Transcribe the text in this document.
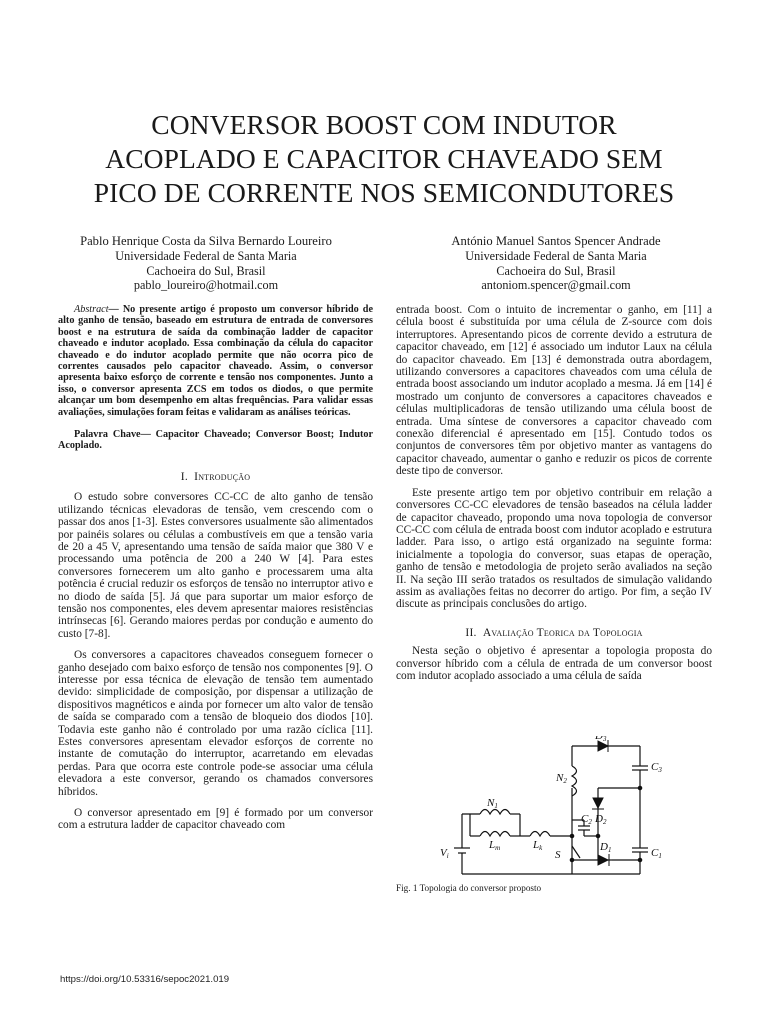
CONVERSOR BOOST COM INDUTOR
ACOPLADO E CAPACITOR CHAVEADO SEM
PICO DE CORRENTE NOS SEMICONDUTORES
Pablo Henrique Costa da Silva Bernardo Loureiro
Universidade Federal de Santa Maria
Cachoeira do Sul, Brasil
pablo_loureiro@hotmail.com
António Manuel Santos Spencer Andrade
Universidade Federal de Santa Maria
Cachoeira do Sul, Brasil
antoniom.spencer@gmail.com

Abstract— No presente artigo é proposto um conversor híbrido de alto ganho de tensão, baseado em estrutura de entrada de conversores boost e na estrutura de saída da combinação ladder de capacitor chaveado e indutor acoplado. Essa combinação da célula do capacitor chaveado e do indutor acoplado permite que não ocorra pico de correntes causados pelo capacitor chaveado. Assim, o conversor apresenta baixo esforço de corrente e tensão nos componentes. Junto a isso, o conversor apresenta ZCS em todos os diodos, o que permite alcançar um bom desempenho em altas frequências. Para validar essas avaliações, simulações foram feitas e validaram as análises teóricas.

Palavra Chave— Capacitor Chaveado; Conversor Boost; Indutor Acoplado.

I. Introdução

O estudo sobre conversores CC-CC de alto ganho de tensão utilizando técnicas elevadoras de tensão, vem crescendo com o passar dos anos [1-3]. Estes conversores usualmente são alimentados por painéis solares ou células a combustíveis em que a tensão varia de 20 a 45 V, apresentando uma tensão de saída maior que 380 V e processando uma potência de 200 a 240 W [4]. Para estes conversores fornecerem um alto ganho e processarem uma alta potência é crucial reduzir os esforços de tensão no interruptor ativo e no diodo de saída [5]. Já que para suportar um maior esforço de tensão nos componentes, eles devem apresentar maiores resistências intrínsecas [6]. Gerando maiores perdas por condução e aumento do custo [7-8].

Os conversores a capacitores chaveados conseguem fornecer o ganho desejado com baixo esforço de tensão nos componentes [9]. O interesse por essa técnica de elevação de tensão tem aumentado devido: simplicidade de composição, por dispensar a utilização de dispositivos magnéticos e ainda por fornecer um alto valor de tensão de saída se comparado com a tensão de bloqueio dos diodos [10]. Todavia este ganho não é controlado por uma razão cíclica [11]. Estes conversores apresentam elevador esforços de corrente no instante de comutação do interruptor, acarretando em elevadas perdas. Para que ocorra este controle pode-se associar uma célula elevadora a este conversor, gerando os chamados conversores híbridos.

O conversor apresentado em [9] é formado por um conversor com a estrutura ladder de capacitor chaveado com

entrada boost. Com o intuito de incrementar o ganho, em [11] a célula boost é substituída por uma célula de Z-source com dois interruptores. Apresentando picos de corrente devido a estrutura de capacitor chaveado, em [12] é associado um indutor Laux na célula do capacitor chaveado. Em [13] é demonstrada outra abordagem, utilizando conversores a capacitores chaveados com uma célula de entrada boost associando um indutor acoplado a mesma. Já em [14] é mostrado um conjunto de conversores a capacitores chaveados e células multiplicadoras de tensão utilizando uma célula boost de entrada. Uma síntese de conversores a capacitor chaveado com conexão diferencial é apresentado em [15]. Contudo todos os conjuntos de conversores têm por objetivo manter as vantagens do capacitor chaveado, aumentar o ganho e reduzir os picos de corrente deste tipo de conversor.

Este presente artigo tem por objetivo contribuir em relação a conversores CC-CC elevadores de tensão baseados na célula ladder de capacitor chaveado, propondo uma nova topologia de conversor CC-CC com célula de entrada boost com indutor acoplado e estrutura ladder. Para isso, o artigo está organizado na seguinte forma: inicialmente a topologia do conversor, suas etapas de operação, ganho de tensão e metodologia de projeto serão avaliados na seção II. Na seção III serão tratados os resultados de simulação validando assim as avaliações feitas no decorrer do artigo. Por fim, a seção IV discute as principais conclusões do artigo.

II. Avaliação Teorica da Topologia

Nesta seção o objetivo é apresentar a topologia proposta do conversor híbrido com a célula de entrada de um conversor boost com indutor acoplado associado a uma célula de saída

D3
C3
N2
D2
N1
C2
Lm	Lk
S
D1	C1
Vi
Fig. 1 Topologia do conversor proposto
https://doi.org/10.53316/sepoc2021.019
